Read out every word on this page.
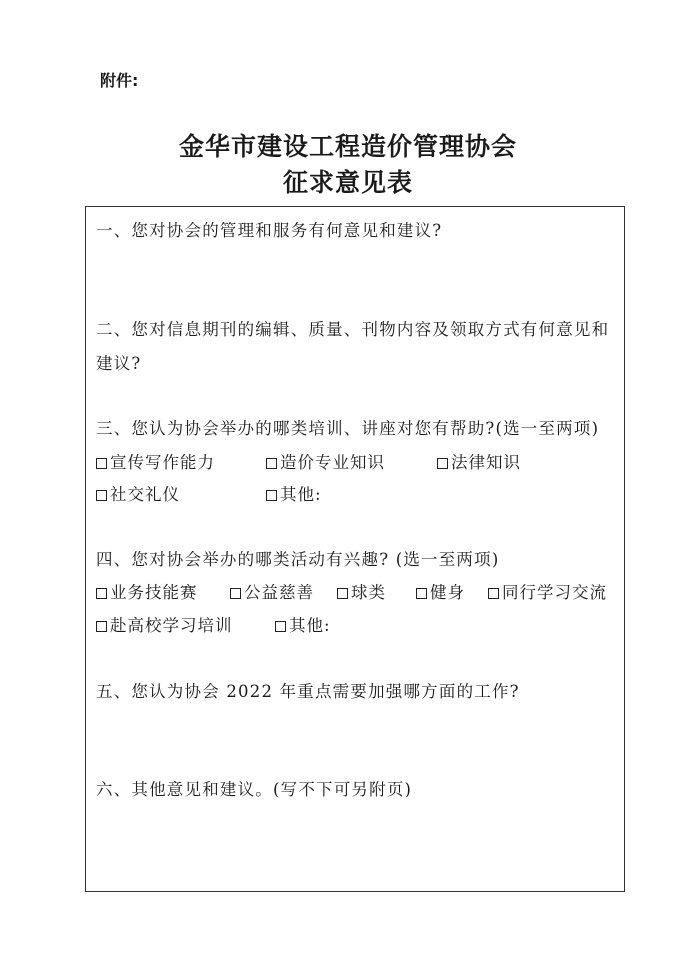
附件:
金华市建设工程造价管理协会
征求意见表
一、您对协会的管理和服务有何意见和建议?
二、您对信息期刊的编辑、质量、刊物内容及领取方式有何意见和
建议?
三、您认为协会举办的哪类培训、讲座对您有帮助?(选一至两项)
宣传写作能力	造价专业知识	法律知识
社交礼仪	其他:
四、您对协会举办的哪类活动有兴趣? (选一至两项)
业务技能赛	公益慈善	球类	健身	同行学习交流
赴高校学习培训	其他:
五、您认为协会 2022 年重点需要加强哪方面的工作?
六、其他意见和建议。(写不下可另附页)
